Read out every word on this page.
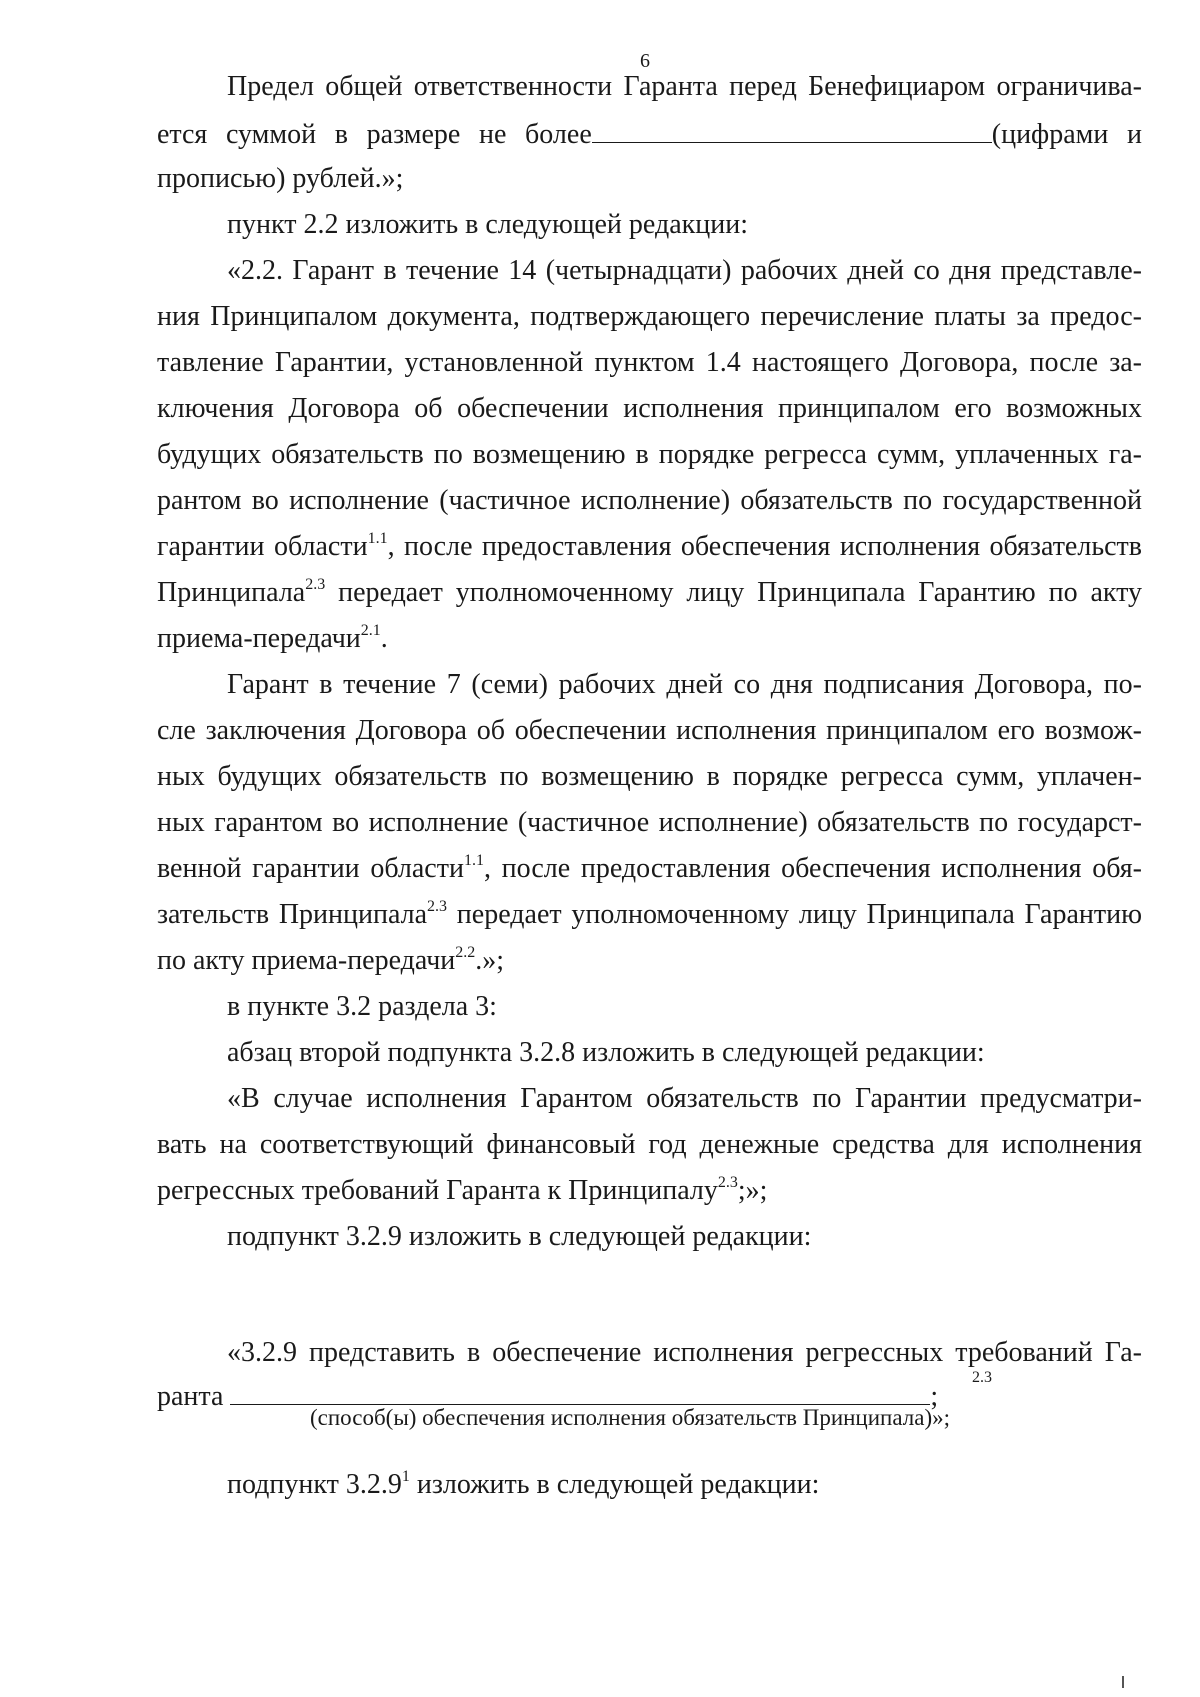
6
Предел общей ответственности Гаранта перед Бенефициаром ограничива-
ется суммой в размере не более	(цифрами и
прописью) рублей.»;
пункт 2.2 изложить в следующей редакции:
«2.2. Гарант в течение 14 (четырнадцати) рабочих дней со дня представле-
ния Принципалом документа, подтверждающего перечисление платы за предос-
тавление Гарантии, установленной пунктом 1.4 настоящего Договора, после за-
ключения Договора об обеспечении исполнения принципалом его возможных
будущих обязательств по возмещению в порядке регресса сумм, уплаченных га-
рантом во исполнение (частичное исполнение) обязательств по государственной
гарантии области$^{1.1}$, после предоставления обеспечения исполнения обязательств
Принципала$^{2.3}$ передает уполномоченному лицу Принципала Гарантию по акту
приема-передачи$^{2.1}$.
Гарант в течение 7 (семи) рабочих дней со дня подписания Договора, по-
сле заключения Договора об обеспечении исполнения принципалом его возмож-
ных будущих обязательств по возмещению в порядке регресса сумм, уплачен-
ных гарантом во исполнение (частичное исполнение) обязательств по государст-
венной гарантии области$^{1.1}$, после предоставления обеспечения исполнения обя-
зательств Принципала$^{2.3}$ передает уполномоченному лицу Принципала Гарантию
по акту приема-передачи$^{2.2}$.»;
в пункте 3.2 раздела 3:
абзац второй подпункта 3.2.8 изложить в следующей редакции:
«В случае исполнения Гарантом обязательств по Гарантии предусматри-
вать на соответствующий финансовый год денежные средства для исполнения
регрессных требований Гаранта к Принципалу$^{2.3}$;»;
подпункт 3.2.9 изложить в следующей редакции:
«3.2.9 представить в обеспечение исполнения регрессных требований Га-
ранта	;
2.3
(способ(ы) обеспечения исполнения обязательств Принципала)»;
подпункт 3.2.9$^1$ изложить в следующей редакции:
